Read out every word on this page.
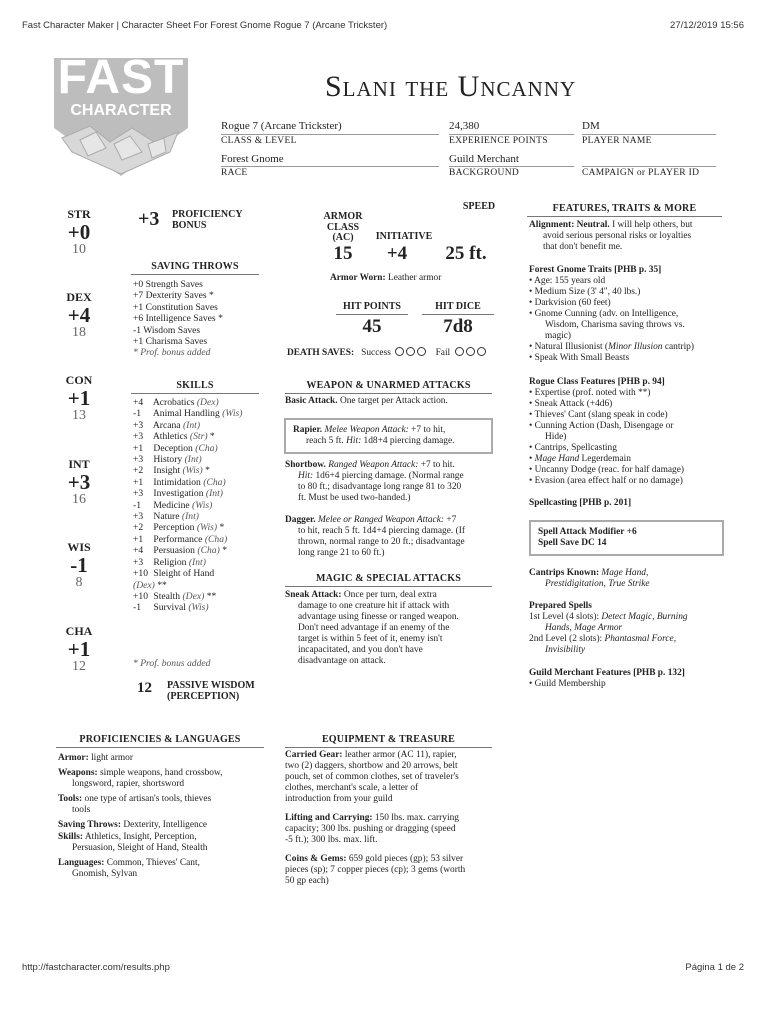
Fast Character Maker | Character Sheet For Forest Gnome Rogue 7 (Arcane Trickster)	27/12/2019 15:56
http://fastcharacter.com/results.php	Página 1 de 2
FAST
CHARACTER
Slani the Uncanny
Rogue 7 (Arcane Trickster)
CLASS & LEVEL
24,380
EXPERIENCE POINTS
DM
PLAYER NAME
Forest Gnome
RACE
Guild Merchant
BACKGROUND	CAMPAIGN or PLAYER ID
STR
+0
10
DEX
+4
18
CON
+1
13
INT
+3
16
WIS
-1
8
CHA
+1
12
+3 PROFICIENCY
BONUS
SAVING THROWS
+0 Strength Saves
+7 Dexterity Saves *
+1 Constitution Saves
+6 Intelligence Saves *
-1 Wisdom Saves
+1 Charisma Saves
* Prof. bonus added
SKILLS
+4 Acrobatics (Dex)
-1 Animal Handling (Wis)
+3 Arcana (Int)
+3 Athletics (Str) *
+1 Deception (Cha)
+3 History (Int)
+2 Insight (Wis) *
+1 Intimidation (Cha)
+3 Investigation (Int)
-1 Medicine (Wis)
+3 Nature (Int)
+2 Perception (Wis) *
+1 Performance (Cha)
+4 Persuasion (Cha) *
+3 Religion (Int)
+10 Sleight of Hand
(Dex) **
+10 Stealth (Dex) **
-1 Survival (Wis)
* Prof. bonus added
12 PASSIVE WISDOM
(PERCEPTION)
ARMOR
CLASS
(AC)
15
INITIATIVE
+4
SPEED
25 ft.
Armor Worn: Leather armor
HIT POINTS
45
HIT DICE
7d8
DEATH SAVES: Success	Fail
WEAPON & UNARMED ATTACKS
Basic Attack. One target per Attack action.
Rapier. Melee Weapon Attack: +7 to hit,
reach 5 ft. Hit: 1d8+4 piercing damage.
Shortbow. Ranged Weapon Attack: +7 to hit.
Hit: 1d6+4 piercing damage. (Normal range
to 80 ft.; disadvantage long range 81 to 320
ft. Must be used two-handed.)
Dagger. Melee or Ranged Weapon Attack: +7
to hit, reach 5 ft. 1d4+4 piercing damage. (If
thrown, normal range to 20 ft.; disadvantage
long range 21 to 60 ft.)
MAGIC & SPECIAL ATTACKS
Sneak Attack: Once per turn, deal extra
damage to one creature hit if attack with
advantage using finesse or ranged weapon.
Don't need advantage if an enemy of the
target is within 5 feet of it, enemy isn't
incapacitated, and you don't have
disadvantage on attack.
FEATURES, TRAITS & MORE
Alignment: Neutral. I will help others, but
avoid serious personal risks or loyalties
that don't benefit me.
Forest Gnome Traits [PHB p. 35]
• Age: 155 years old
• Medium Size (3' 4", 40 lbs.)
• Darkvision (60 feet)
• Gnome Cunning (adv. on Intelligence,
Wisdom, Charisma saving throws vs.
magic)
• Natural Illusionist (Minor Illusion cantrip)
• Speak With Small Beasts
Rogue Class Features [PHB p. 94]
• Expertise (prof. noted with **)
• Sneak Attack (+4d6)
• Thieves' Cant (slang speak in code)
• Cunning Action (Dash, Disengage or
Hide)
• Cantrips, Spellcasting
• Mage Hand Legerdemain
• Uncanny Dodge (reac. for half damage)
• Evasion (area effect half or no damage)
Spellcasting [PHB p. 201]
Spell Attack Modifier +6
Spell Save DC 14
Cantrips Known: Mage Hand,
Prestidigitation, True Strike
Prepared Spells
1st Level (4 slots): Detect Magic, Burning
Hands, Mage Armor
2nd Level (2 slots): Phantasmal Force,
Invisibility
Guild Merchant Features [PHB p. 132]
• Guild Membership
PROFICIENCIES & LANGUAGES
Armor: light armor
Weapons: simple weapons, hand crossbow,
longsword, rapier, shortsword
Tools: one type of artisan's tools, thieves
tools
Saving Throws: Dexterity, Intelligence
Skills: Athletics, Insight, Perception,
Persuasion, Sleight of Hand, Stealth
Languages: Common, Thieves' Cant,
Gnomish, Sylvan
EQUIPMENT & TREASURE
Carried Gear: leather armor (AC 11), rapier,
two (2) daggers, shortbow and 20 arrows, belt
pouch, set of common clothes, set of traveler's
clothes, merchant's scale, a letter of
introduction from your guild
Lifting and Carrying: 150 lbs. max. carrying
capacity; 300 lbs. pushing or dragging (speed
-5 ft.); 300 lbs. max. lift.
Coins & Gems: 659 gold pieces (gp); 53 silver
pieces (sp); 7 copper pieces (cp); 3 gems (worth
50 gp each)
